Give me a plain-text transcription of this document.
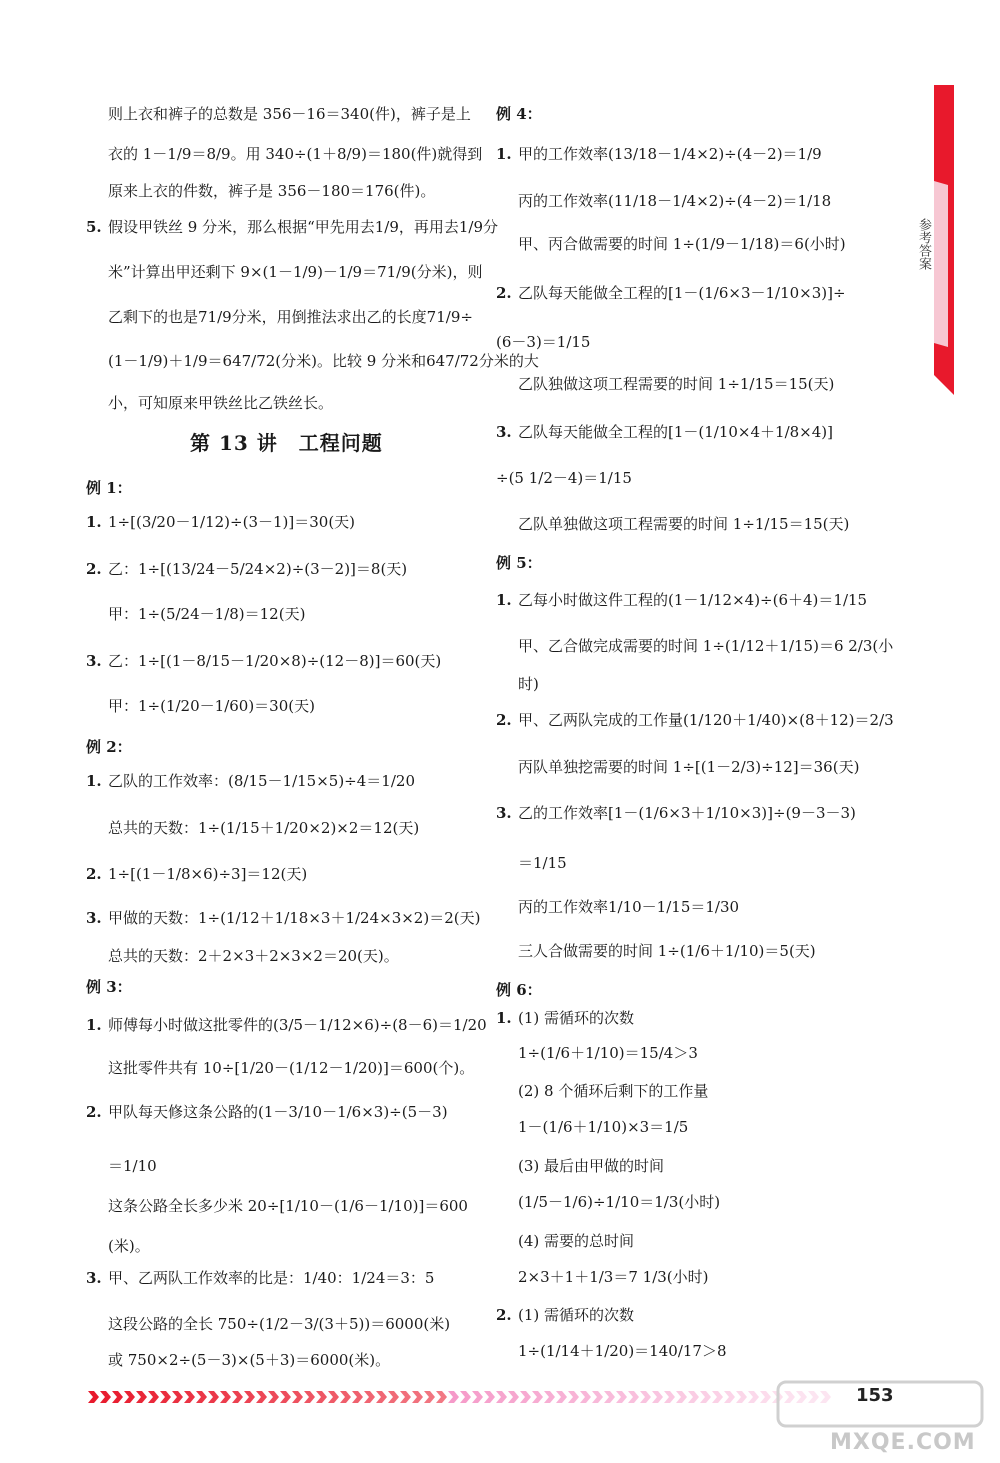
则上衣和裤子的总数是 356－16＝340(件)，裤子是上
衣的 1－1/9＝8/9。用 340÷(1＋8/9)＝180(件)就得到
原来上衣的件数，裤子是 356－180＝176(件)。
5. 假设甲铁丝 9 分米，那么根据“甲先用去1/9，再用去1/9分
米”计算出甲还剩下 9×(1－1/9)－1/9＝71/9(分米)，则
乙剩下的也是71/9分米，用倒推法求出乙的长度71/9÷
(1－1/9)＋1/9＝647/72(分米)。比较 9 分米和647/72分米的大
小，可知原来甲铁丝比乙铁丝长。
第 13 讲　工程问题
例 1：
1. 1÷[(3/20－1/12)÷(3－1)]＝30(天)
2. 乙：1÷[(13/24－5/24×2)÷(3－2)]＝8(天)
甲：1÷(5/24－1/8)＝12(天)
3. 乙：1÷[(1－8/15－1/20×8)÷(12－8)]＝60(天)
甲：1÷(1/20－1/60)＝30(天)
例 2：
1. 乙队的工作效率：(8/15－1/15×5)÷4＝1/20
总共的天数：1÷(1/15＋1/20×2)×2＝12(天)
2. 1÷[(1－1/8×6)÷3]＝12(天)
3. 甲做的天数：1÷(1/12＋1/18×3＋1/24×3×2)＝2(天)
总共的天数：2＋2×3＋2×3×2＝20(天)。
例 3：
1. 师傅每小时做这批零件的(3/5－1/12×6)÷(8－6)＝1/20
这批零件共有 10÷[1/20－(1/12－1/20)]＝600(个)。
2. 甲队每天修这条公路的(1－3/10－1/6×3)÷(5－3)
＝1/10
这条公路全长多少米 20÷[1/10－(1/6－1/10)]＝600
(米)。
3. 甲、乙两队工作效率的比是：1/40：1/24＝3：5
这段公路的全长 750÷(1/2－3/(3＋5))＝6000(米)
或 750×2÷(5－3)×(5＋3)＝6000(米)。
例 4：
1. 甲的工作效率(13/18－1/4×2)÷(4－2)＝1/9
丙的工作效率(11/18－1/4×2)÷(4－2)＝1/18
甲、丙合做需要的时间 1÷(1/9－1/18)＝6(小时)
2. 乙队每天能做全工程的[1－(1/6×3－1/10×3)]÷
(6－3)＝1/15
乙队独做这项工程需要的时间 1÷1/15＝15(天)
3. 乙队每天能做全工程的[1－(1/10×4＋1/8×4)]
÷(5 1/2－4)＝1/15
乙队单独做这项工程需要的时间 1÷1/15＝15(天)
例 5：
1. 乙每小时做这件工程的(1－1/12×4)÷(6＋4)＝1/15
甲、乙合做完成需要的时间 1÷(1/12＋1/15)＝6 2/3(小
时)
2. 甲、乙两队完成的工作量(1/120＋1/40)×(8＋12)＝2/3
丙队单独挖需要的时间 1÷[(1－2/3)÷12]＝36(天)
3. 乙的工作效率[1－(1/6×3＋1/10×3)]÷(9－3－3)
＝1/15
丙的工作效率1/10－1/15＝1/30
三人合做需要的时间 1÷(1/6＋1/10)＝5(天)
例 6：
1. (1) 需循环的次数
1÷(1/6＋1/10)＝15/4＞3
(2) 8 个循环后剩下的工作量
1－(1/6＋1/10)×3＝1/5
(3) 最后由甲做的时间
(1/5－1/6)÷1/10＝1/3(小时)
(4) 需要的总时间
2×3＋1＋1/3＝7 1/3(小时)
2. (1) 需循环的次数
1÷(1/14＋1/20)＝140/17＞8
参考答案
153
MXQE.COM
